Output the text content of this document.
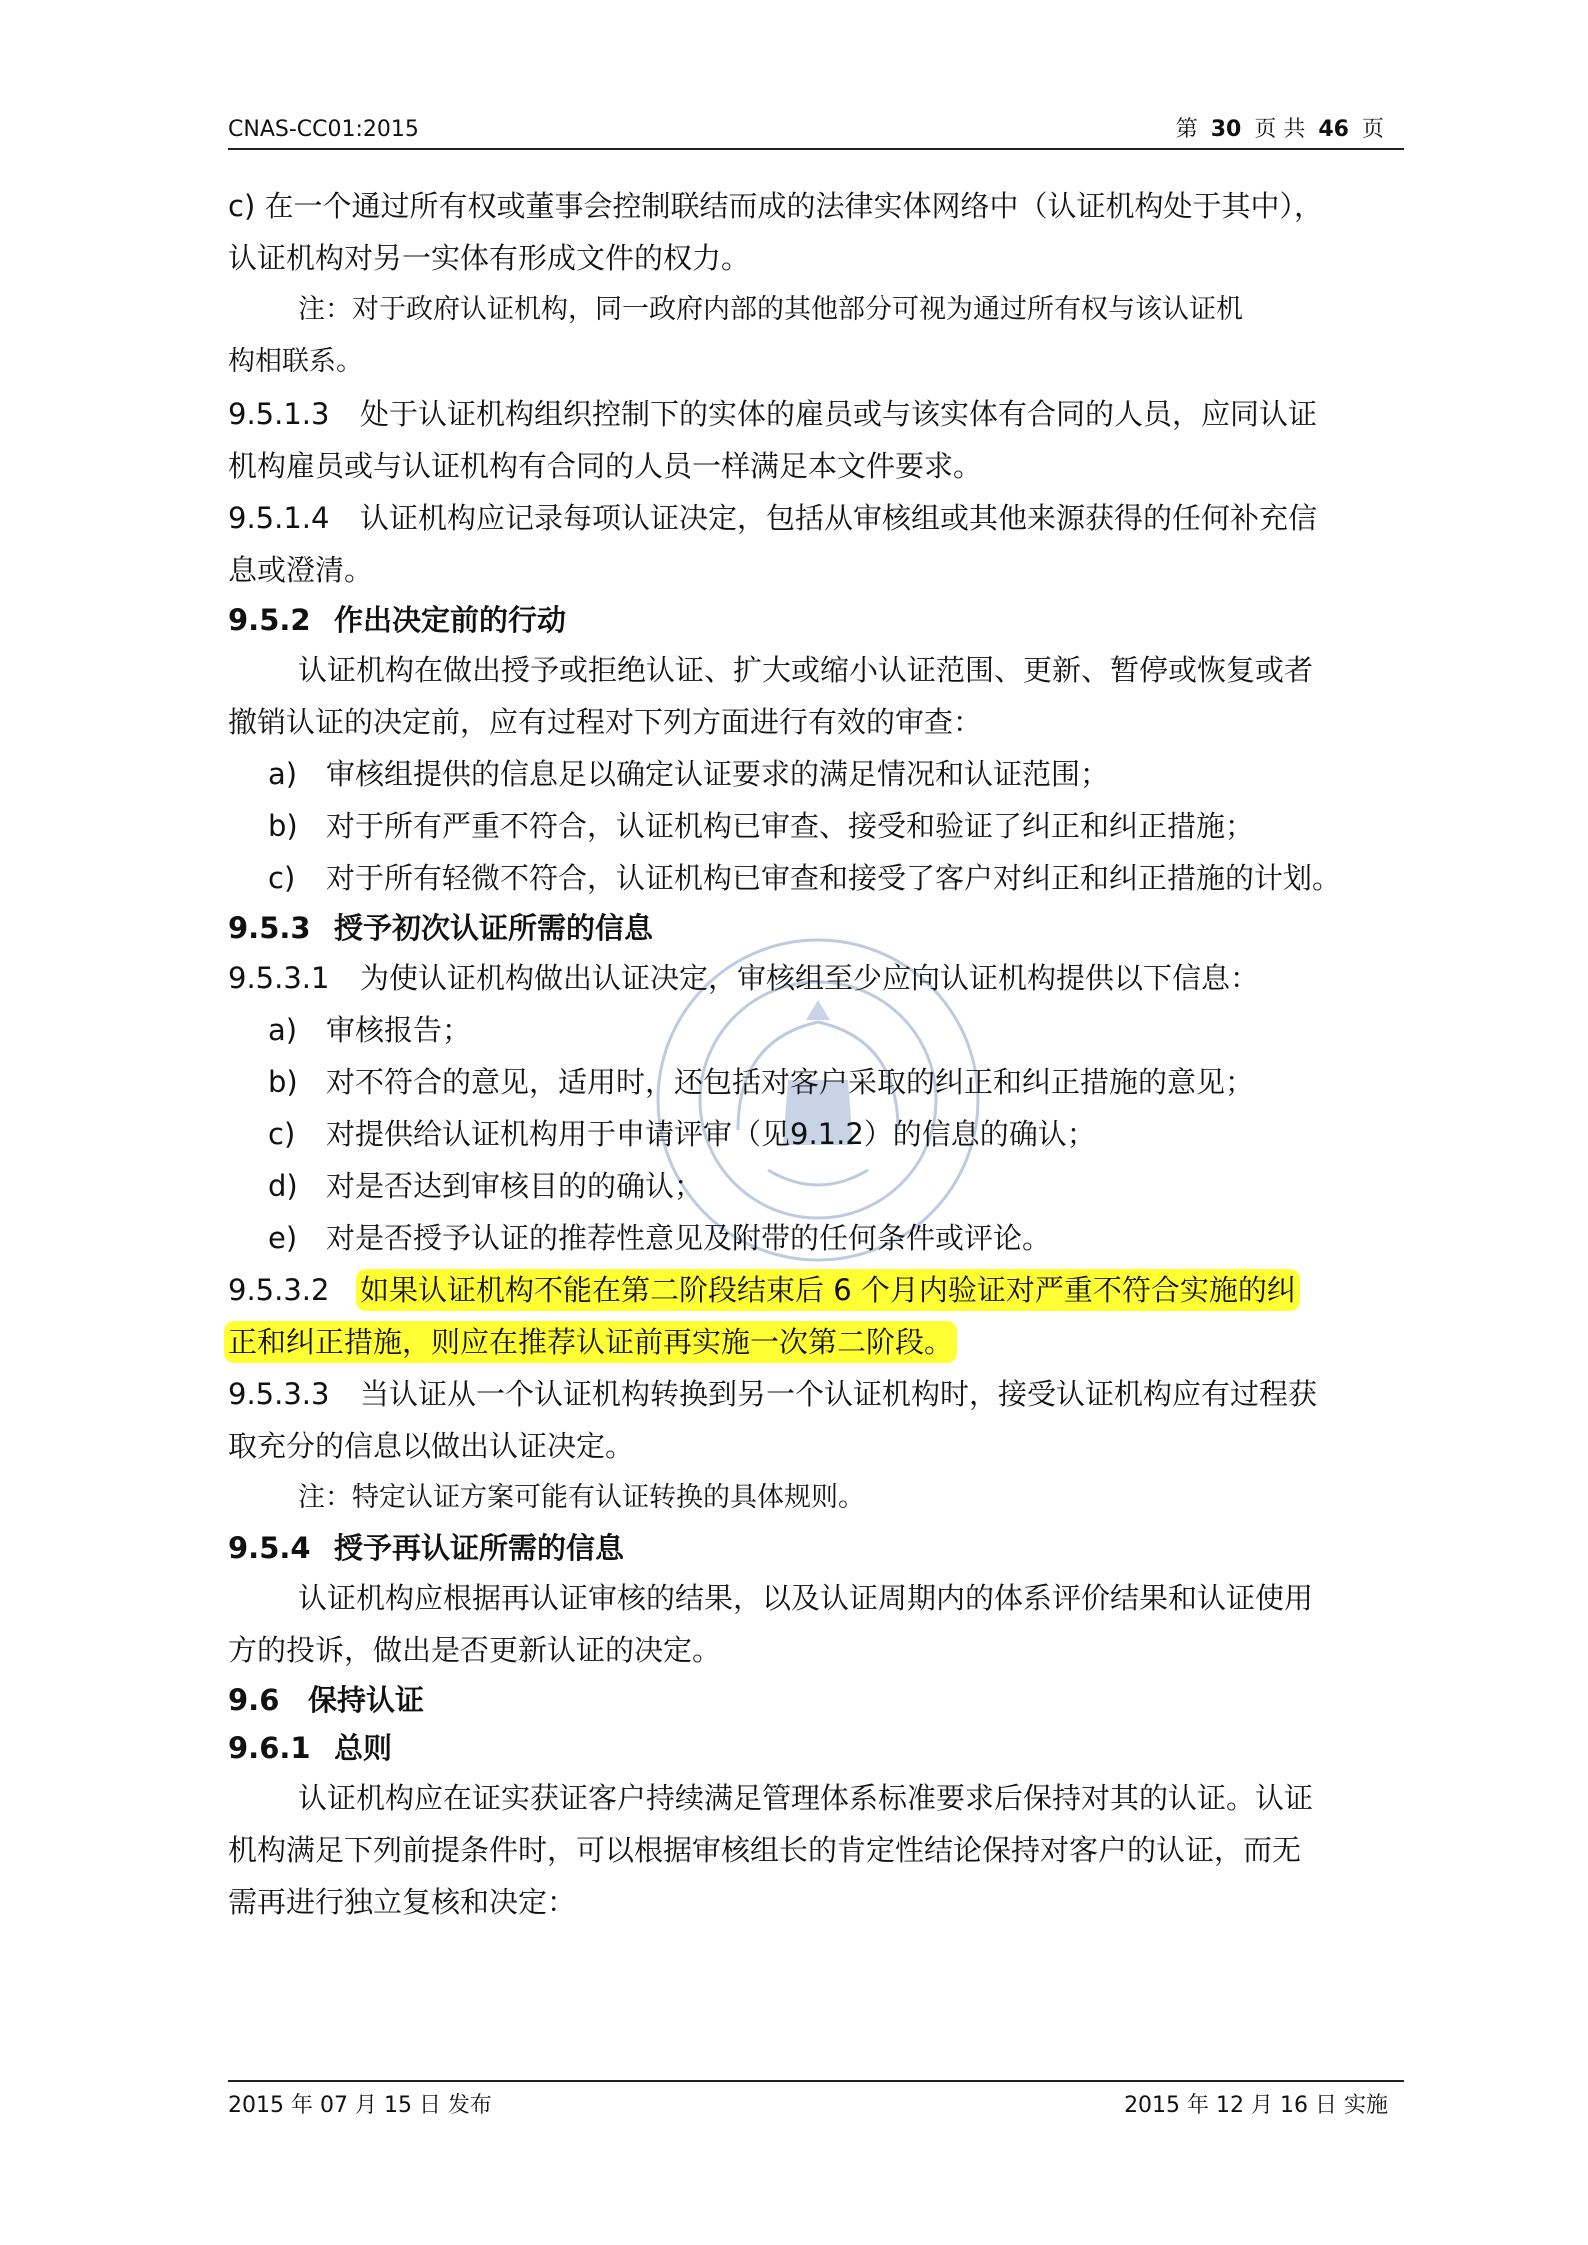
CNAS-CC01:2015	第 30 页 共 46 页

c) 在一个通过所有权或董事会控制联结而成的法律实体网络中（认证机构处于其中），

认证机构对另一实体有形成文件的权力。

注：对于政府认证机构，同一政府内部的其他部分可视为通过所有权与该认证机

构相联系。

9.5.1.3 处于认证机构组织控制下的实体的雇员或与该实体有合同的人员，应同认证

机构雇员或与认证机构有合同的人员一样满足本文件要求。

9.5.1.4 认证机构应记录每项认证决定，包括从审核组或其他来源获得的任何补充信

息或澄清。

9.5.2 作出决定前的行动

认证机构在做出授予或拒绝认证、扩大或缩小认证范围、更新、暂停或恢复或者

撤销认证的决定前，应有过程对下列方面进行有效的审查：

a) 审核组提供的信息足以确定认证要求的满足情况和认证范围；

b) 对于所有严重不符合，认证机构已审查、接受和验证了纠正和纠正措施；

c) 对于所有轻微不符合，认证机构已审查和接受了客户对纠正和纠正措施的计划。

9.5.3 授予初次认证所需的信息

9.5.3.1 为使认证机构做出认证决定，审核组至少应向认证机构提供以下信息：

a) 审核报告；

b) 对不符合的意见，适用时，还包括对客户采取的纠正和纠正措施的意见；

c) 对提供给认证机构用于申请评审（见9.1.2）的信息的确认；

d) 对是否达到审核目的的确认；

e) 对是否授予认证的推荐性意见及附带的任何条件或评论。

9.5.3.2 如果认证机构不能在第二阶段结束后 6 个月内验证对严重不符合实施的纠

正和纠正措施，则应在推荐认证前再实施一次第二阶段。

9.5.3.3 当认证从一个认证机构转换到另一个认证机构时，接受认证机构应有过程获

取充分的信息以做出认证决定。

注：特定认证方案可能有认证转换的具体规则。

9.5.4 授予再认证所需的信息

认证机构应根据再认证审核的结果，以及认证周期内的体系评价结果和认证使用

方的投诉，做出是否更新认证的决定。

9.6 保持认证

9.6.1 总则

认证机构应在证实获证客户持续满足管理体系标准要求后保持对其的认证。认证

机构满足下列前提条件时，可以根据审核组长的肯定性结论保持对客户的认证，而无

需再进行独立复核和决定：

2015 年 07 月 15 日 发布	2015 年 12 月 16 日 实施
